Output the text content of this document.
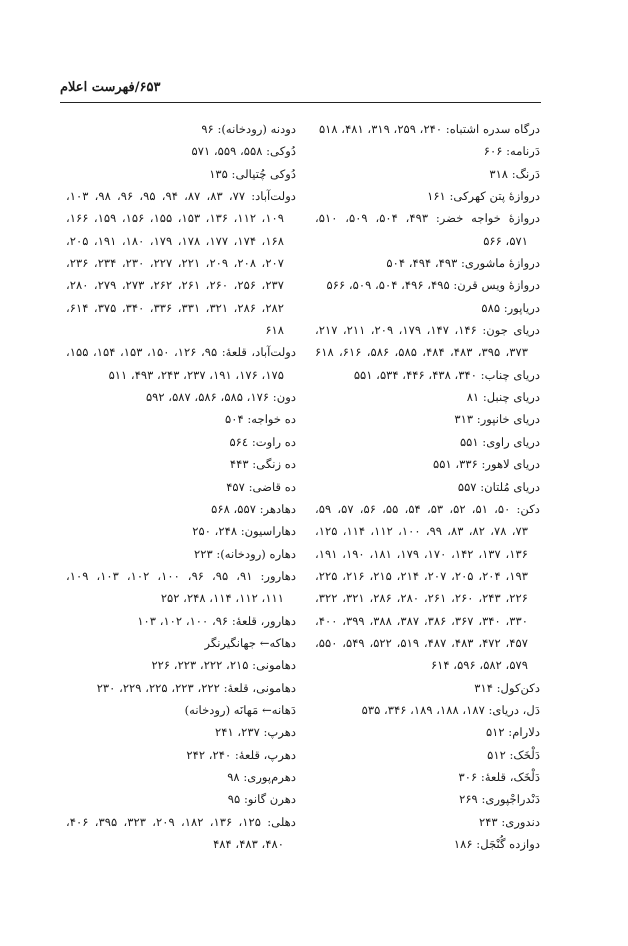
۶۵۳/فهرست اعلام
درگاه سدره اشتباه: ۲۴۰، ۲۵۹، ۳۱۹، ۴۸۱، ۵۱۸
دَرنامه: ۶۰۶
دَرنگ: ۳۱۸
دروازهٔ پتن کهرکی: ۱۶۱
دروازهٔ خواجه خضر: ۴۹۳، ۵۰۴، ۵۰۹، ۵۱۰،
۵۷۱، ۵۶۶
دروازهٔ ماشوری: ۴۹۳، ۴۹۴، ۵۰۴
دروازهٔ ویس قرن: ۴۹۵، ۴۹۶، ۵۰۴، ۵۰۹، ۵۶۶
دریاپور: ۵۸۵
دریای جون: ۱۴۶، ۱۴۷، ۱۷۹، ۲۰۹، ۲۱۱، ۲۱۷،
۳۷۳، ۳۹۵، ۴۸۳، ۴۸۴، ۵۸۵، ۵۸۶، ۶۱۶، ۶۱۸
دریای چناب: ۳۴۰، ۴۳۸، ۴۴۶، ۵۳۴، ۵۵۱
دریای چنبل: ۸۱
دریای خانپور: ۳۱۳
دریای راوی: ۵۵۱
دریای لاهور: ۳۳۶، ۵۵۱
دریای مُلتان: ۵۵۷
دکن: ۵۰، ۵۱، ۵۲، ۵۳، ۵۴، ۵۵، ۵۶، ۵۷، ۵۹،
۷۳، ۷۸، ۸۲، ۸۳، ۹۹، ۱۰۰، ۱۱۲، ۱۱۴، ۱۲۵،
۱۳۶، ۱۳۷، ۱۴۲، ۱۷۰، ۱۷۹، ۱۸۱، ۱۹۰، ۱۹۱،
۱۹۳، ۲۰۴، ۲۰۵، ۲۰۷، ۲۱۴، ۲۱۵، ۲۱۶، ۲۲۵،
۲۲۶، ۲۴۳، ۲۶۰، ۲۶۱، ۲۸۰، ۲۸۶، ۳۲۱، ۳۲۲،
۳۳۰، ۳۴۰، ۳۶۷، ۳۸۶، ۳۸۷، ۳۸۸، ۳۹۹، ۴۰۰،
۴۵۷، ۴۷۲، ۴۸۳، ۴۸۷، ۵۱۹، ۵۲۲، ۵۴۹، ۵۵۰،
۵۷۹، ۵۸۲، ۵۹۶، ۶۱۴
دکن‌کول: ۳۱۴
دَل، دریای: ۱۸۷، ۱۸۸، ۱۸۹، ۳۴۶، ۵۳۵
دلارام: ۵۱۲
دَلْخَک: ۵۱۲
دَلْخَک، قلعهٔ: ۳۰۶
دَنْدراجْپوری: ۲۶۹
دندوری: ۲۴۳
دوازده گُنْجَل: ۱۸۶
دودنه (رودخانه): ۹۶
دُوکی: ۵۵۸، ۵۵۹، ۵۷۱
دُوکی چُتیالی: ۱۳۵
دولت‌آباد: ۷۷، ۸۳، ۸۷، ۹۴، ۹۵، ۹۶، ۹۸، ۱۰۳،
۱۰۹، ۱۱۲، ۱۳۶، ۱۵۳، ۱۵۵، ۱۵۶، ۱۵۹، ۱۶۶،
۱۶۸، ۱۷۴، ۱۷۷، ۱۷۸، ۱۷۹، ۱۸۰، ۱۹۱، ۲۰۵،
۲۰۷، ۲۰۸، ۲۰۹، ۲۲۱، ۲۲۷، ۲۳۰، ۲۳۴، ۲۳۶،
۲۳۷، ۲۵۶، ۲۶۰، ۲۶۱، ۲۶۲، ۲۷۳، ۲۷۹، ۲۸۰،
۲۸۲، ۲۸۶، ۳۲۱، ۳۳۱، ۳۳۶، ۳۴۰، ۳۷۵، ۶۱۴،
۶۱۸
دولت‌آباد، قلعهٔ: ۹۵، ۱۲۶، ۱۵۰، ۱۵۳، ۱۵۴، ۱۵۵،
۱۷۵، ۱۷۶، ۱۹۱، ۲۳۷، ۲۴۳، ۴۹۳، ۵۱۱
دون: ۱۷۶، ۵۸۵، ۵۸۶، ۵۸۷، ۵۹۲
ده خواجه: ۵۰۴
ده راوت: ۵۶٤
ده زنگی: ۴۴۳
ده قاضی: ۴۵۷
دهادهر: ۵۵۷، ۵۶۸
دهاراسیون: ۲۴۸، ۲۵۰
دهاره (رودخانه): ۲۲۳
دهارور: ۹۱، ۹۵، ۹۶، ۱۰۰، ۱۰۲، ۱۰۳، ۱۰۹،
۱۱۱، ۱۱۲، ۱۱۴، ۲۴۸، ۲۵۲
دهارور، قلعهٔ: ۹۶، ۱۰۰، ۱۰۲، ۱۰۳
دهاکه← جهانگیرنگر
دهامونی: ۲۱۵، ۲۲۲، ۲۲۳، ۲۲۶
دهامونی، قلعهٔ: ۲۲۲، ۲۲۳، ۲۲۵، ۲۲۹، ۲۳۰
دَهانه← مَهانَه (رودخانه)
دهرپ: ۲۳۷، ۲۴۱
دهرپ، قلعهٔ: ۲۴۰، ۲۴۲
دهرم‌پوری: ۹۸
دهرن گانو: ۹۵
دهلی: ۱۲۵، ۱۳۶، ۱۸۲، ۲۰۹، ۳۲۳، ۳۹۵، ۴۰۶،
۴۸۰، ۴۸۳، ۴۸۴
